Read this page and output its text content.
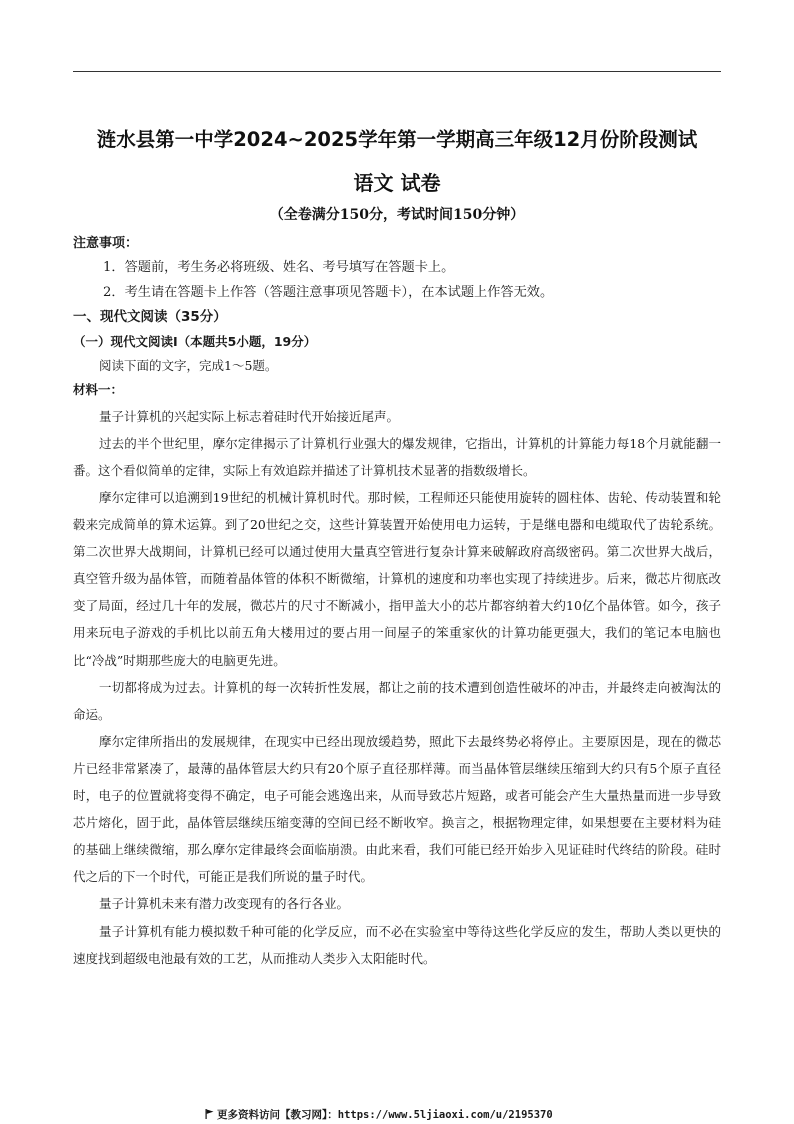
涟水县第一中学2024~2025学年第一学期高三年级12月份阶段测试
语文 试卷
（全卷满分150分，考试时间150分钟）
注意事项：
1．答题前，考生务必将班级、姓名、考号填写在答题卡上。
2．考生请在答题卡上作答（答题注意事项见答题卡），在本试题上作答无效。
一、现代文阅读（35分）
（一）现代文阅读Ⅰ（本题共5小题，19分）
阅读下面的文字，完成1～5题。
材料一：

量子计算机的兴起实际上标志着硅时代开始接近尾声。

过去的半个世纪里，摩尔定律揭示了计算机行业强大的爆发规律，它指出，计算机的计算能力每18个月就能翻一番。这个看似简单的定律，实际上有效追踪并描述了计算机技术显著的指数级增长。

摩尔定律可以追溯到19世纪的机械计算机时代。那时候，工程师还只能使用旋转的圆柱体、齿轮、传动装置和轮毂来完成简单的算术运算。到了20世纪之交，这些计算装置开始使用电力运转，于是继电器和电缆取代了齿轮系统。第二次世界大战期间，计算机已经可以通过使用大量真空管进行复杂计算来破解政府高级密码。第二次世界大战后，真空管升级为晶体管，而随着晶体管的体积不断微缩，计算机的速度和功率也实现了持续进步。后来，微芯片彻底改变了局面，经过几十年的发展，微芯片的尺寸不断减小，指甲盖大小的芯片都容纳着大约10亿个晶体管。如今，孩子用来玩电子游戏的手机比以前五角大楼用过的要占用一间屋子的笨重家伙的计算功能更强大，我们的笔记本电脑也比“冷战”时期那些庞大的电脑更先进。

一切都将成为过去。计算机的每一次转折性发展，都让之前的技术遭到创造性破坏的冲击，并最终走向被淘汰的命运。

摩尔定律所指出的发展规律，在现实中已经出现放缓趋势，照此下去最终势必将停止。主要原因是，现在的微芯片已经非常紧凑了，最薄的晶体管层大约只有20个原子直径那样薄。而当晶体管层继续压缩到大约只有5个原子直径时，电子的位置就将变得不确定，电子可能会逃逸出来，从而导致芯片短路，或者可能会产生大量热量而进一步导致芯片熔化，固于此，晶体管层继续压缩变薄的空间已经不断收窄。换言之，根据物理定律，如果想要在主要材料为硅的基础上继续微缩，那么摩尔定律最终会面临崩溃。由此来看，我们可能已经开始步入见证硅时代终结的阶段。硅时代之后的下一个时代，可能正是我们所说的量子时代。

量子计算机未来有潜力改变现有的各行各业。

量子计算机有能力模拟数千种可能的化学反应，而不必在实验室中等待这些化学反应的发生，帮助人类以更快的速度找到超级电池最有效的工艺，从而推动人类步入太阳能时代。

更多资料访问【教习网】：https://www.5ljiaoxi.com/u/2195370
